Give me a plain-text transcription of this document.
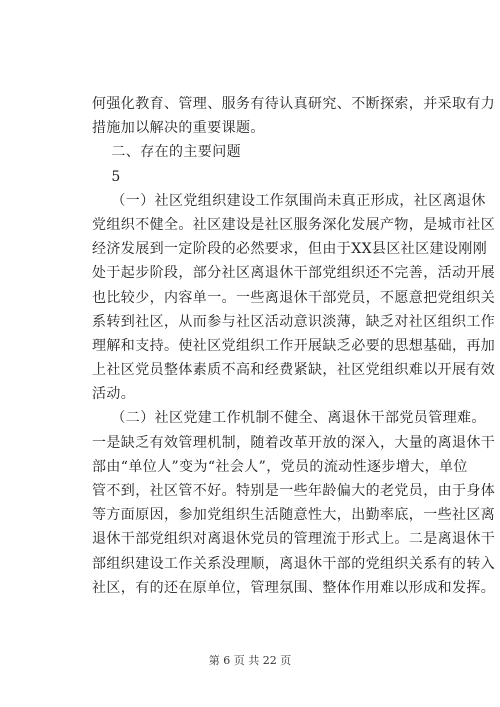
何强化教育、管理、服务有待认真研究、不断探索，并采取有力
措施加以解决的重要课题。
二、存在的主要问题
5
（一）社区党组织建设工作氛围尚未真正形成，社区离退休
党组织不健全。社区建设是社区服务深化发展产物，是城市社区
经济发展到一定阶段的必然要求，但由于XX县区社区建设刚刚
处于起步阶段，部分社区离退休干部党组织还不完善，活动开展
也比较少，内容单一。一些离退休干部党员，不愿意把党组织关
系转到社区，从而参与社区活动意识淡薄，缺乏对社区组织工作
理解和支持。使社区党组织工作开展缺乏必要的思想基础，再加
上社区党员整体素质不高和经费紧缺，社区党组织难以开展有效
活动。
（二）社区党建工作机制不健全、离退休干部党员管理难。
一是缺乏有效管理机制，随着改革开放的深入，大量的离退休干
部由“单位人”变为“社会人”，党员的流动性逐步增大，单位
管不到，社区管不好。特别是一些年龄偏大的老党员，由于身体
等方面原因，参加党组织生活随意性大，出勤率底，一些社区离
退休干部党组织对离退休党员的管理流于形式上。二是离退休干
部组织建设工作关系没理顺，离退休干部的党组织关系有的转入
社区，有的还在原单位，管理氛围、整体作用难以形成和发挥。
第 6 页 共 22 页
